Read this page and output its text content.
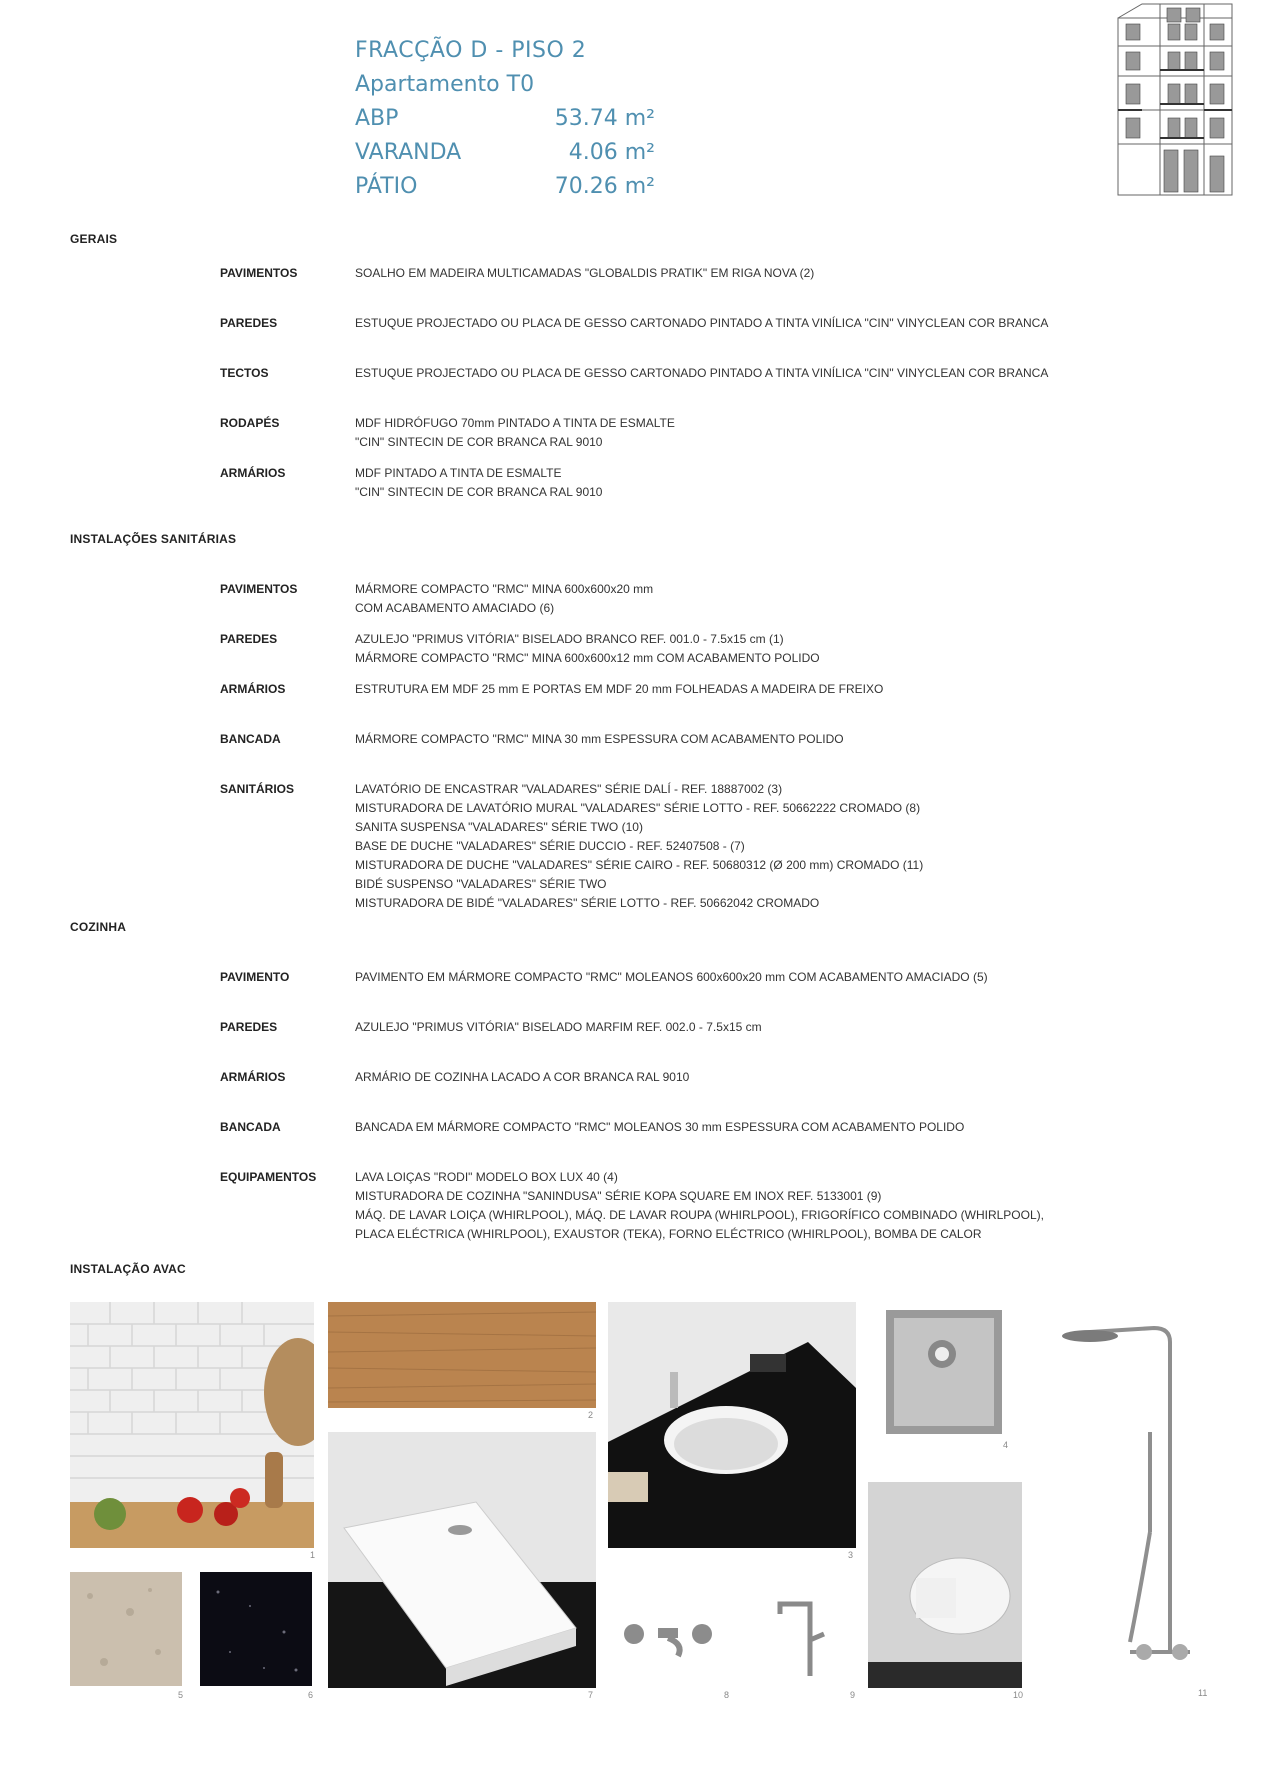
FRACÇÃO D - PISO 2
Apartamento T0
ABP	53.74 m²
VARANDA	4.06 m²
PÁTIO	70.26 m²
GERAIS
PAVIMENTOS	SOALHO EM MADEIRA MULTICAMADAS "GLOBALDIS PRATIK" EM RIGA NOVA (2)
PAREDES	ESTUQUE PROJECTADO OU PLACA DE GESSO CARTONADO PINTADO A TINTA VINÍLICA "CIN" VINYCLEAN COR BRANCA
TECTOS	ESTUQUE PROJECTADO OU PLACA DE GESSO CARTONADO PINTADO A TINTA VINÍLICA "CIN" VINYCLEAN COR BRANCA
RODAPÉS	MDF HIDRÓFUGO 70mm PINTADO A TINTA DE ESMALTE
"CIN" SINTECIN DE COR BRANCA RAL 9010
ARMÁRIOS	MDF PINTADO A TINTA DE ESMALTE
"CIN" SINTECIN DE COR BRANCA RAL 9010
INSTALAÇÕES SANITÁRIAS
PAVIMENTOS	MÁRMORE COMPACTO "RMC" MINA 600x600x20 mm
COM ACABAMENTO AMACIADO (6)
PAREDES	AZULEJO "PRIMUS VITÓRIA" BISELADO BRANCO REF. 001.0 - 7.5x15 cm (1)
MÁRMORE COMPACTO "RMC" MINA 600x600x12 mm COM ACABAMENTO POLIDO
ARMÁRIOS	ESTRUTURA EM MDF 25 mm E PORTAS EM MDF 20 mm FOLHEADAS A MADEIRA DE FREIXO
BANCADA	MÁRMORE COMPACTO "RMC" MINA 30 mm ESPESSURA COM ACABAMENTO POLIDO
SANITÁRIOS	LAVATÓRIO DE ENCASTRAR "VALADARES" SÉRIE DALÍ - REF. 18887002 (3)
MISTURADORA DE LAVATÓRIO MURAL "VALADARES" SÉRIE LOTTO - REF. 50662222 CROMADO (8)
SANITA SUSPENSA "VALADARES" SÉRIE TWO (10)
BASE DE DUCHE "VALADARES" SÉRIE DUCCIO - REF. 52407508 - (7)
MISTURADORA DE DUCHE "VALADARES" SÉRIE CAIRO - REF. 50680312 (Ø 200 mm) CROMADO (11)
BIDÉ SUSPENSO "VALADARES" SÉRIE TWO
MISTURADORA DE BIDÉ "VALADARES" SÉRIE LOTTO - REF. 50662042 CROMADO
COZINHA
PAVIMENTO	PAVIMENTO EM MÁRMORE COMPACTO "RMC" MOLEANOS 600x600x20 mm COM ACABAMENTO AMACIADO (5)
PAREDES	AZULEJO "PRIMUS VITÓRIA" BISELADO MARFIM REF. 002.0 - 7.5x15 cm
ARMÁRIOS	ARMÁRIO DE COZINHA LACADO A COR BRANCA RAL 9010
BANCADA	BANCADA EM MÁRMORE COMPACTO "RMC" MOLEANOS 30 mm ESPESSURA COM ACABAMENTO POLIDO
EQUIPAMENTOS	LAVA LOIÇAS "RODI" MODELO BOX LUX 40 (4)
MISTURADORA DE COZINHA "SANINDUSA" SÉRIE KOPA SQUARE EM INOX REF. 5133001 (9)
MÁQ. DE LAVAR LOIÇA (WHIRLPOOL), MÁQ. DE LAVAR ROUPA (WHIRLPOOL), FRIGORÍFICO COMBINADO (WHIRLPOOL),
PLACA ELÉCTRICA (WHIRLPOOL), EXAUSTOR (TEKA), FORNO ELÉCTRICO (WHIRLPOOL), BOMBA DE CALOR
INSTALAÇÃO AVAC
1
2
3
4
11
7	10
5	6	8	9
